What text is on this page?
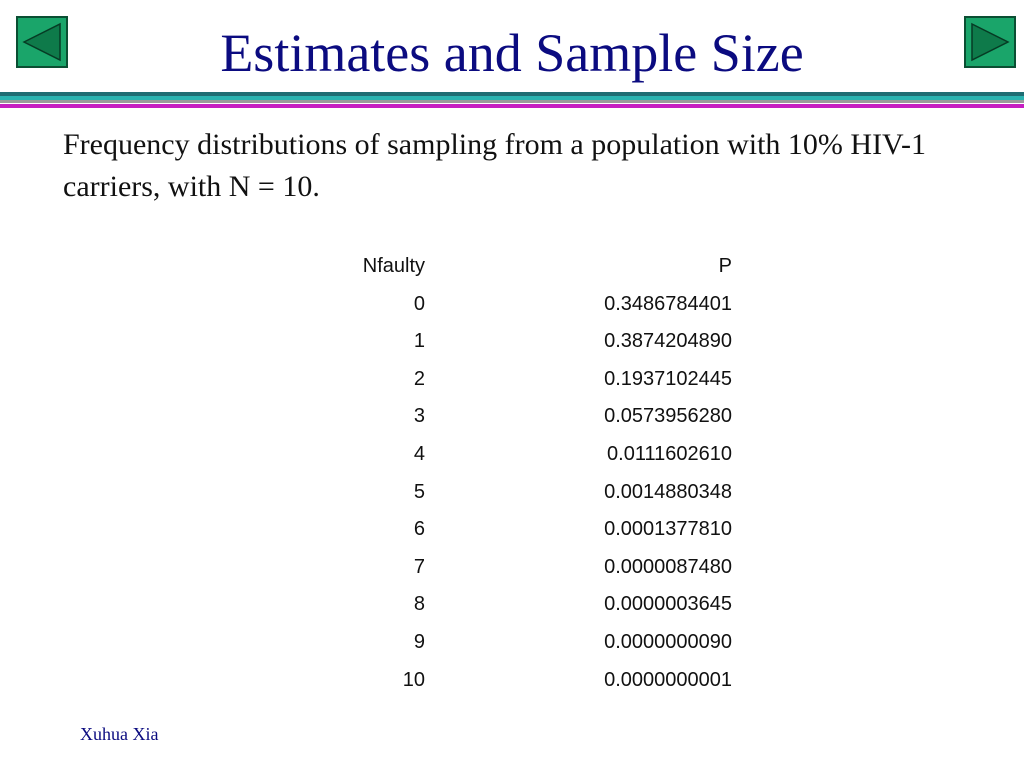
Estimates and Sample Size

Frequency distributions of sampling from a population with 10% HIV-1 carriers, with N = 10.

Nfaulty	P
0	0.3486784401
1	0.3874204890
2	0.1937102445
3	0.0573956280
4	0.0111602610
5	0.0014880348
6	0.0001377810
7	0.0000087480
8	0.0000003645
9	0.0000000090
10	0.0000000001
Xuhua Xia
